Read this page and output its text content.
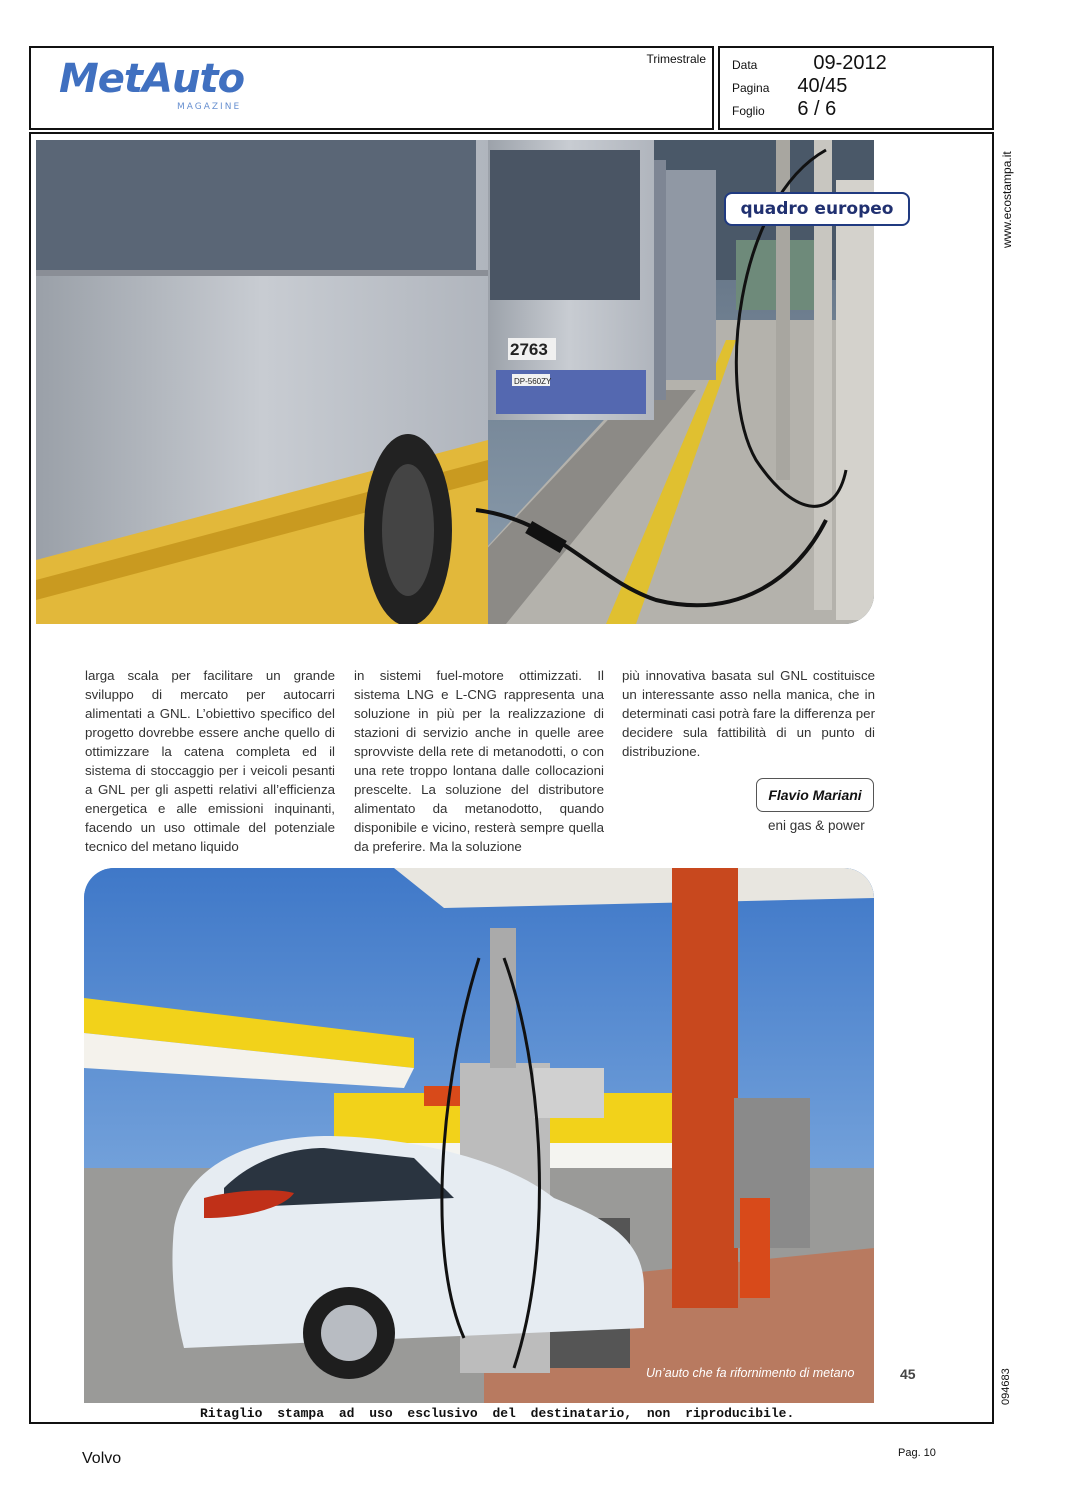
MetAuto
MAGAZINE
Trimestrale Data	09-2012
Pagina 40/45
Foglio 6 / 6
www.ecostampa.it
094683
2763
DP-560ZY
quadro europeo
larga scala per facilitare un grande sviluppo di mercato per autocarri alimentati a GNL. L’obiettivo specifico del progetto dovrebbe essere anche quello di ottimizzare la catena completa ed il sistema di stoccaggio per i veicoli pesanti a GNL per gli aspetti relativi all’efficienza energetica e alle emissioni inquinanti, facendo un uso ottimale del potenziale tecnico del metano liquido
in sistemi fuel-motore ottimizzati. Il sistema LNG e L-CNG rappresenta una soluzione in più per la realizzazione di stazioni di servizio anche in quelle aree sprovviste della rete di metanodotti, o con una rete troppo lontana dalle collocazioni prescelte. La soluzione del distributore alimentato da metanodotto, quando disponibile e vicino, resterà sempre quella da preferire. Ma la soluzione
più innovativa basata sul GNL costituisce un interessante asso nella manica, che in determinati casi potrà fare la differenza per decidere sula fattibilità di un punto di distribuzione.
Flavio Mariani
eni gas & power
Un’auto che fa rifornimento di metano	45
Ritaglio stampa ad uso esclusivo del destinatario, non riproducibile.
Volvo	Pag. 10
